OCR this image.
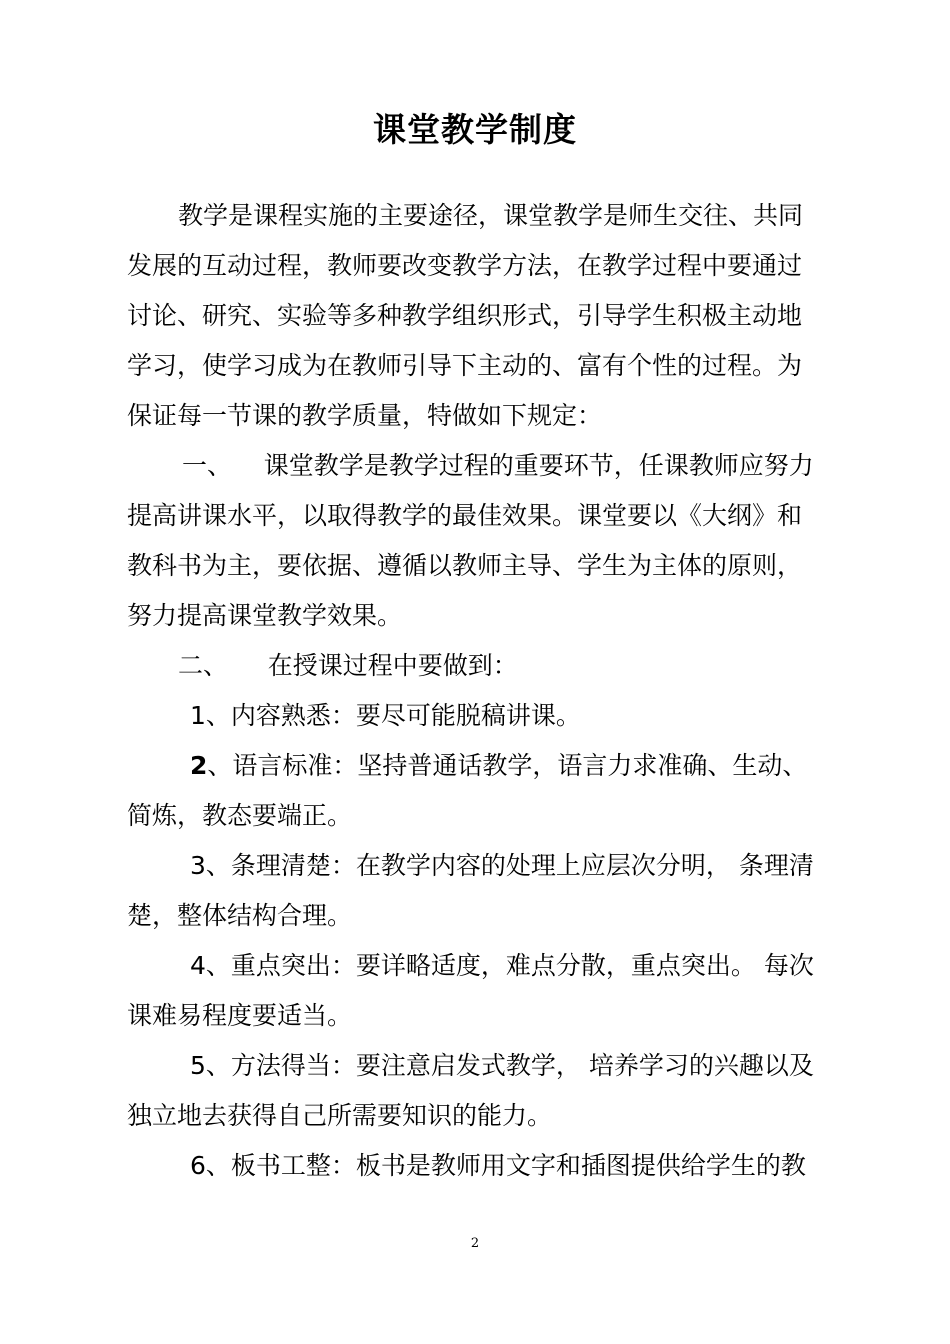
课堂教学制度
教学是课程实施的主要途径，课堂教学是师生交往、共同
发展的互动过程，教师要改变教学方法，在教学过程中要通过
讨论、研究、实验等多种教学组织形式，引导学生积极主动地
学习，使学习成为在教师引导下主动的、富有个性的过程。为
保证每一节课的教学质量，特做如下规定：
一、    课堂教学是教学过程的重要环节，任课教师应努力
提高讲课水平，以取得教学的最佳效果。课堂要以《大纲》和
教科书为主，要依据、遵循以教师主导、学生为主体的原则，
努力提高课堂教学效果。
二、     在授课过程中要做到：
1、内容熟悉：要尽可能脱稿讲课。
2、语言标准：坚持普通话教学，语言力求准确、生动、
简炼，教态要端正。
3、条理清楚：在教学内容的处理上应层次分明， 条理清
楚，整体结构合理。
4、重点突出：要详略适度，难点分散，重点突出。 每次
课难易程度要适当。
5、方法得当：要注意启发式教学， 培养学习的兴趣以及
独立地去获得自己所需要知识的能力。
6、板书工整：板书是教师用文字和插图提供给学生的教
2
